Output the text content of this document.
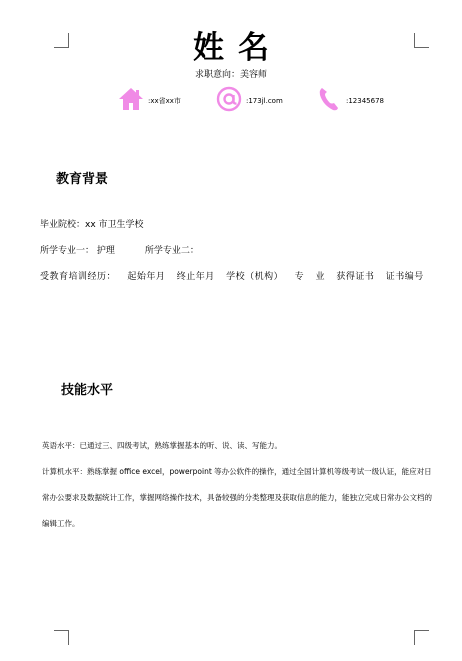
姓名
求职意向：美容师
:xx省xx市	:173jl.com	:12345678
教育背景
毕业院校：xx 市卫生学校
所学专业一： 护理	所学专业二：
受教育培训经历： 起始年月 终止年月 学校（机构） 专 业 获得证书 证书编号
技能水平
英语水平：已通过三、四级考试，熟练掌握基本的听、说、读、写能力。
计算机水平：熟练掌握 office excel，powerpoint 等办公软件的操作，通过全国计算机等级考试一级认证，能应对日常办公要求及数据统计工作，掌握网络操作技术，具备较强的分类整理及获取信息的能力，能独立完成日常办公文档的编辑工作。
